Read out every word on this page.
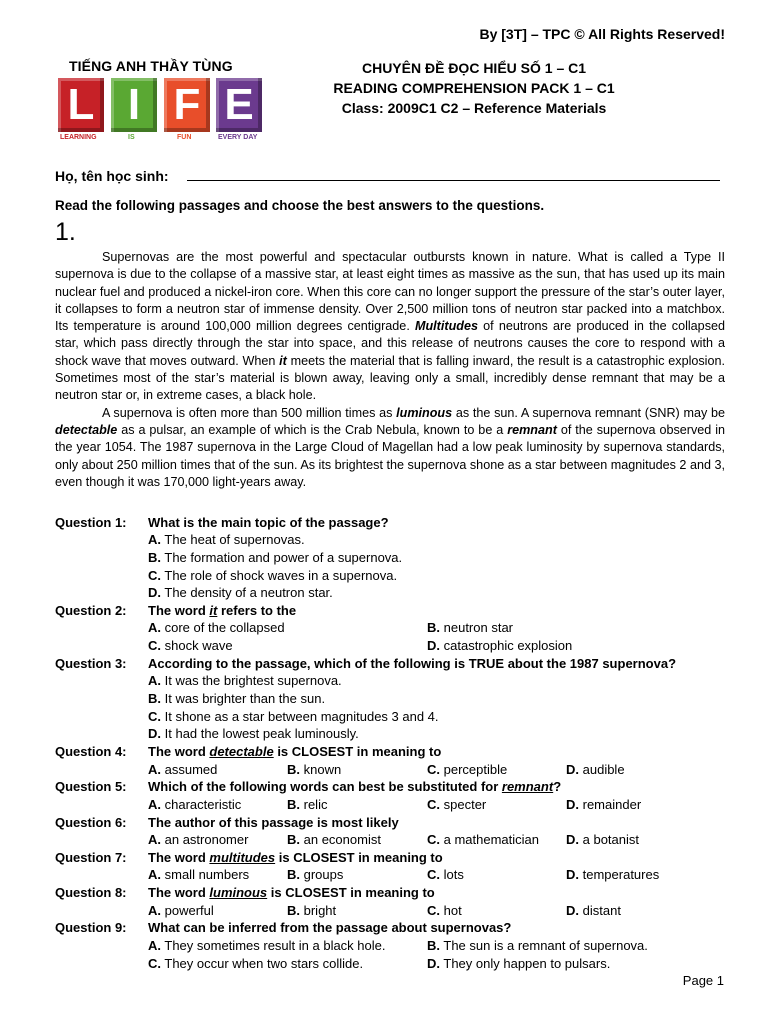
By [3T] – TPC © All Rights Reserved!
TIẾNG ANH THẦY TÙNG
L I F E
LEARNING	IS	FUN	EVERY DAY
CHUYÊN ĐỀ ĐỌC HIỂU SỐ 1 – C1
READING COMPREHENSION PACK 1 – C1
Class: 2009C1 C2 – Reference Materials
Họ, tên học sinh:
Read the following passages and choose the best answers to the questions.
1.

Supernovas are the most powerful and spectacular outbursts known in nature. What is called a Type II supernova is due to the collapse of a massive star, at least eight times as massive as the sun, that has used up its main nuclear fuel and produced a nickel-iron core. When this core can no longer support the pressure of the star’s outer layer, it collapses to form a neutron star of immense density. Over 2,500 million tons of neutron star packed into a matchbox. Its temperature is around 100,000 million degrees centigrade. Multitudes of neutrons are produced in the collapsed star, which pass directly through the star into space, and this release of neutrons causes the core to respond with a shock wave that moves outward. When it meets the material that is falling inward, the result is a catastrophic explosion. Sometimes most of the star’s material is blown away, leaving only a small, incredibly dense remnant that may be a neutron star or, in extreme cases, a black hole.

A supernova is often more than 500 million times as luminous as the sun. A supernova remnant (SNR) may be detectable as a pulsar, an example of which is the Crab Nebula, known to be a remnant of the supernova observed in the year 1054. The 1987 supernova in the Large Cloud of Magellan had a low peak luminosity by supernova standards, only about 250 million times that of the sun. As its brightest the supernova shone as a star between magnitudes 2 and 3, even though it was 170,000 light-years away.

Question 1: What is the main topic of the passage?
A. The heat of supernovas.
B. The formation and power of a supernova.
C. The role of shock waves in a supernova.
D. The density of a neutron star.
Question 2: The word it refers to the
A. core of the collapsed	B. neutron star
C. shock wave	D. catastrophic explosion
Question 3: According to the passage, which of the following is TRUE about the 1987 supernova?
A. It was the brightest supernova.
B. It was brighter than the sun.
C. It shone as a star between magnitudes 3 and 4.
D. It had the lowest peak luminously.
Question 4: The word detectable is CLOSEST in meaning to
A. assumed	B. known	C. perceptible	D. audible
Question 5: Which of the following words can best be substituted for remnant?
A. characteristic	B. relic	C. specter	D. remainder
Question 6: The author of this passage is most likely
A. an astronomer	B. an economist	C. a mathematician D. a botanist
Question 7: The word multitudes is CLOSEST in meaning to
A. small numbers	B. groups	C. lots	D. temperatures
Question 8: The word luminous is CLOSEST in meaning to
A. powerful	B. bright	C. hot	D. distant
Question 9: What can be inferred from the passage about supernovas?
A. They sometimes result in a black hole.	B. The sun is a remnant of supernova.
C. They occur when two stars collide.	D. They only happen to pulsars.
Page 1
